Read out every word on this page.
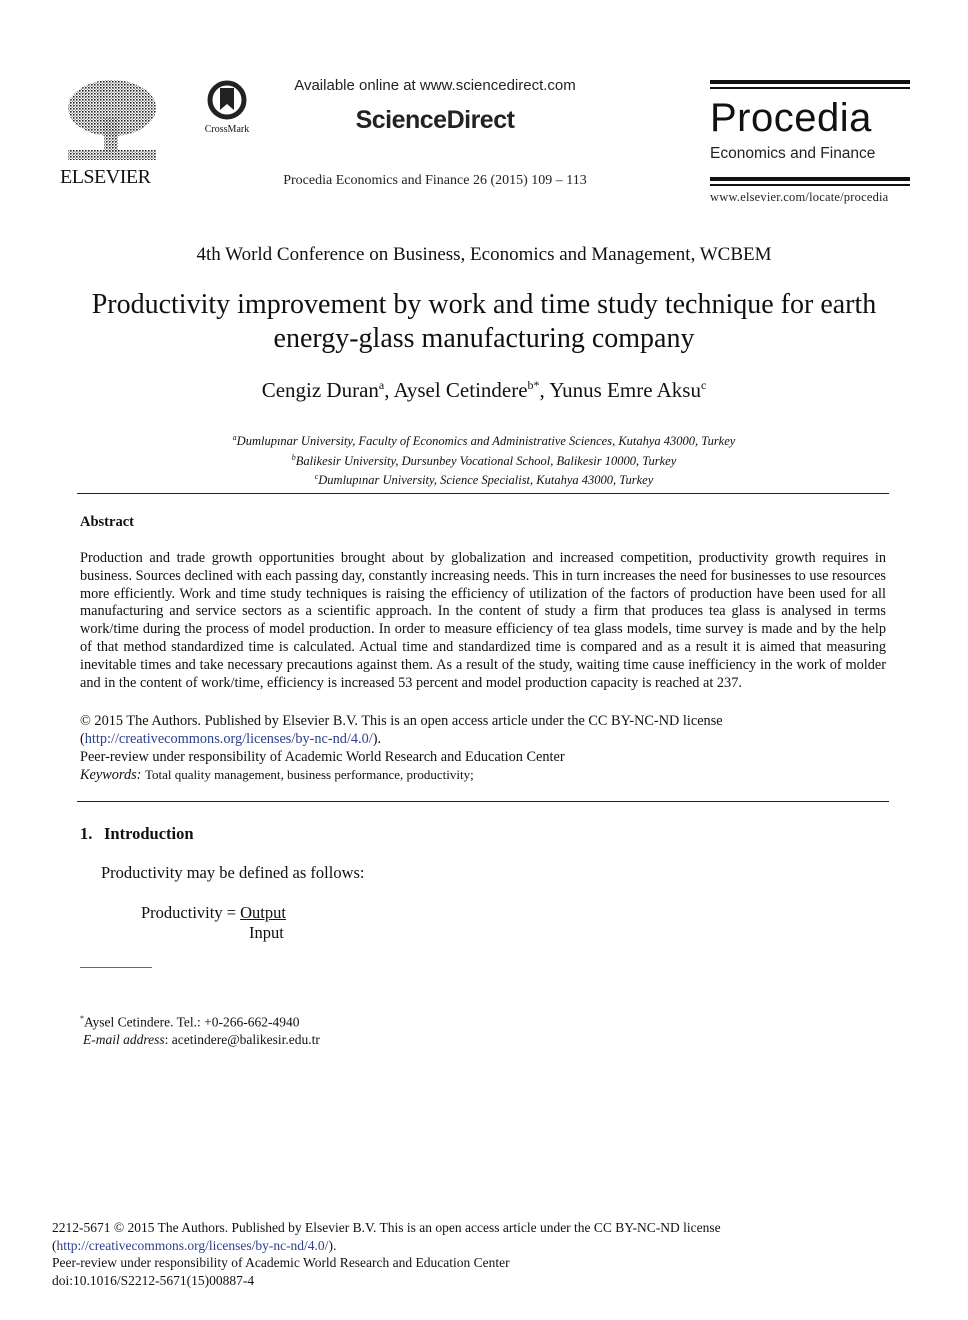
ELSEVIER
CrossMark
Available online at www.sciencedirect.com
ScienceDirect
Procedia Economics and Finance 26 (2015) 109 – 113
Procedia
Economics and Finance
www.elsevier.com/locate/procedia
4th World Conference on Business, Economics and Management, WCBEM
Productivity improvement by work and time study technique for earth energy-glass manufacturing company
Cengiz Duran$^a$, Aysel Cetindere$^{b*}$, Yunus Emre Aksu$^c$
$^a$Dumlupınar University, Faculty of Economics and Administrative Sciences, Kutahya 43000, Turkey
$^b$Balikesir University, Dursunbey Vocational School, Balikesir 10000, Turkey
$^c$Dumlupınar University, Science Specialist, Kutahya 43000, Turkey
Abstract
Production and trade growth opportunities brought about by globalization and increased competition, productivity growth requires in business. Sources declined with each passing day, constantly increasing needs. This in turn increases the need for businesses to use resources more efficiently. Work and time study techniques is raising the efficiency of utilization of the factors of production have been used for all manufacturing and service sectors as a scientific approach. In the content of study a firm that produces tea glass is analysed in terms work/time during the process of model production. In order to measure efficiency of tea glass models, time survey is made and by the help of that method standardized time is calculated. Actual time and standardized time is compared and as a result it is aimed that measuring inevitable times and take necessary precautions against them. As a result of the study, waiting time cause inefficiency in the work of molder and in the content of work/time, efficiency is increased 53 percent and model production capacity is reached at 237.
© 2015 The Authors. Published by Elsevier B.V. This is an open access article under the CC BY-NC-ND license
(http://creativecommons.org/licenses/by-nc-nd/4.0/).
Peer-review under responsibility of Academic World Research and Education Center
Keywords: Total quality management, business performance, productivity;
1. Introduction
Productivity may be defined as follows:
Productivity = Output
Input
*Aysel Cetindere. Tel.: +0-266-662-4940
E-mail address: acetindere@balikesir.edu.tr
2212-5671 © 2015 The Authors. Published by Elsevier B.V. This is an open access article under the CC BY-NC-ND license
(http://creativecommons.org/licenses/by-nc-nd/4.0/).
Peer-review under responsibility of Academic World Research and Education Center
doi:10.1016/S2212-5671(15)00887-4
